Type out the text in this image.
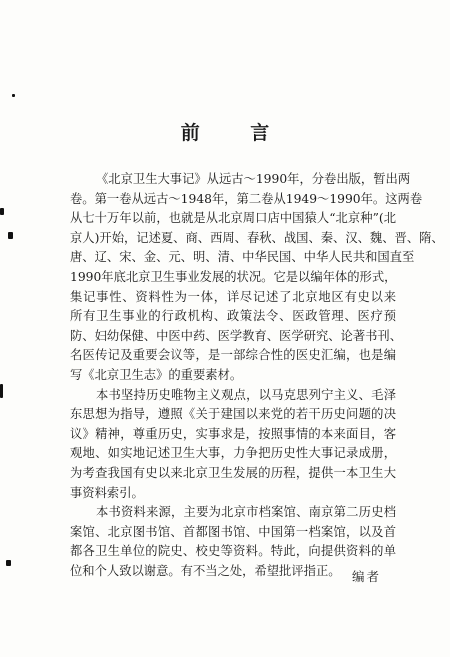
前 言
《北京卫生大事记》从远古～1990年，分卷出版，暂出两
卷。第一卷从远古～1948年，第二卷从1949～1990年。这两卷
从七十万年以前，也就是从北京周口店中国猿人“北京种”(北
京人)开始，记述夏、商、西周、春秋、战国、秦、汉、魏、晋、隋、
唐、辽、宋、金、元、明、清、中华民国、中华人民共和国直至
1990年底北京卫生事业发展的状况。它是以编年体的形式，
集记事性、资料性为一体，详尽记述了北京地区有史以来
所有卫生事业的行政机构、政策法令、医政管理、医疗预
防、妇幼保健、中医中药、医学教育、医学研究、论著书刊、
名医传记及重要会议等，是一部综合性的医史汇编，也是编
写《北京卫生志》的重要素材。
本书坚持历史唯物主义观点，以马克思列宁主义、毛泽
东思想为指导，遵照《关于建国以来党的若干历史问题的决
议》精神，尊重历史，实事求是，按照事情的本来面目，客
观地、如实地记述卫生大事，力争把历史性大事记录成册，
为考查我国有史以来北京卫生发展的历程，提供一本卫生大
事资料索引。
本书资料来源，主要为北京市档案馆、南京第二历史档
案馆、北京图书馆、首都图书馆、中国第一档案馆，以及首
都各卫生单位的院史、校史等资料。特此，向提供资料的单
位和个人致以谢意。有不当之处，希望批评指正。 编者
